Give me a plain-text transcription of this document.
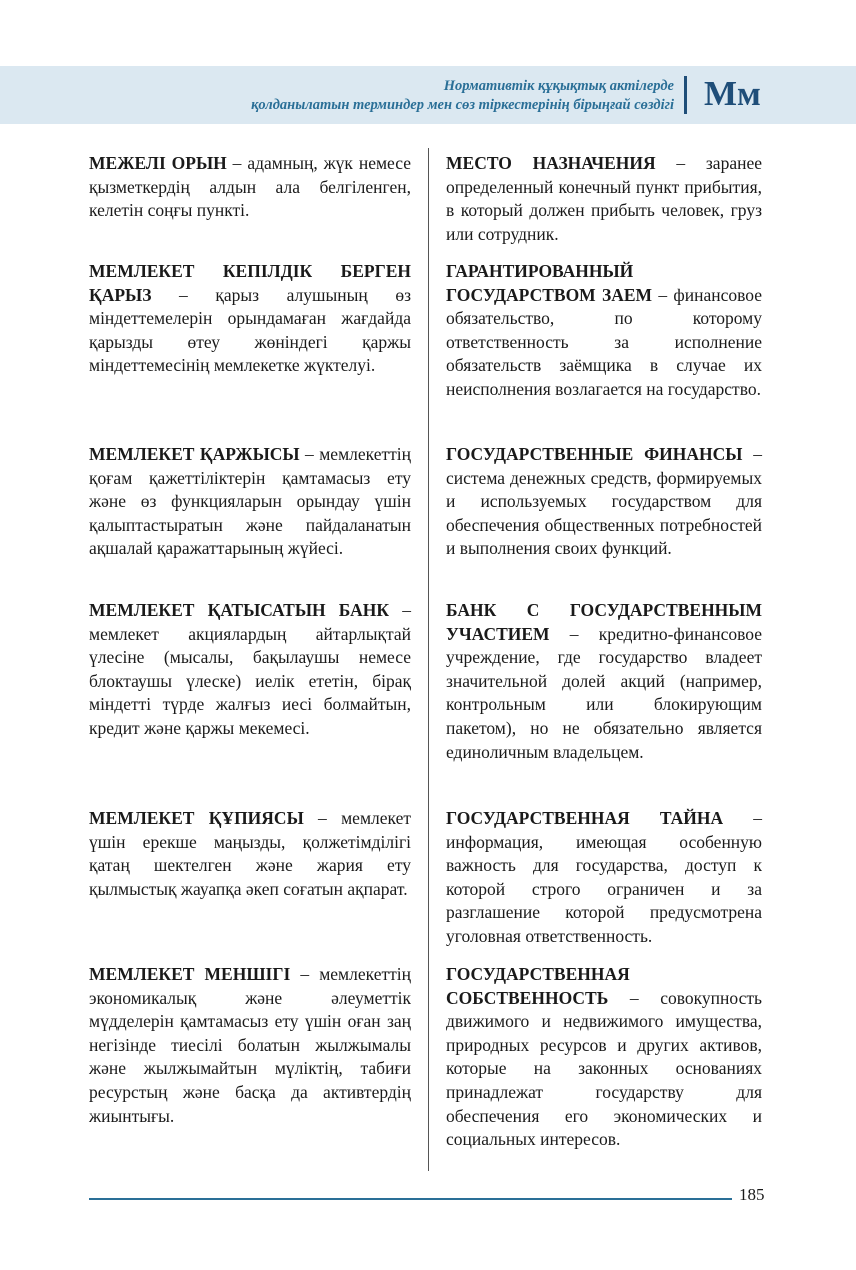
Нормативтік құқықтық актілерде
қолданылатын терминдер мен сөз тіркестерінің бірыңғай сөздігі Мм
МЕЖЕЛІ ОРЫН – адамның, жүк немесе қызметкердің алдын ала белгіленген, келетін соңғы пункті.
МЕСТО НАЗНАЧЕНИЯ – заранее определенный конечный пункт прибытия, в который должен прибыть человек, груз или сотрудник.
МЕМЛЕКЕТ КЕПІЛДІК БЕРГЕН ҚАРЫЗ – қарыз алушының өз міндеттемелерін орындамаған жағдайда қарызды өтеу жөніндегі қаржы міндеттемесінің мемлекетке жүктелуі.
ГАРАНТИРОВАННЫЙ ГОСУДАРСТВОМ ЗАЕМ – финансовое обязательство, по которому ответственность за исполнение обязательств заёмщика в случае их неисполнения возлагается на государство.
МЕМЛЕКЕТ ҚАРЖЫСЫ – мемлекеттің қоғам қажеттіліктерін қамтамасыз ету және өз функцияларын орындау үшін қалыптастыратын және пайдаланатын ақшалай қаражаттарының жүйесі.
ГОСУДАРСТВЕННЫЕ ФИНАНСЫ – система денежных средств, формируемых и используемых государством для обеспечения общественных потребностей и выполнения своих функций.
МЕМЛЕКЕТ ҚАТЫСАТЫН БАНК – мемлекет акциялардың айтарлықтай үлесіне (мысалы, бақылаушы немесе блоктаушы үлеске) иелік ететін, бірақ міндетті түрде жалғыз иесі болмайтын, кредит және қаржы мекемесі.
БАНК С ГОСУДАРСТВЕННЫМ УЧАСТИЕМ – кредитно-финансовое учреждение, где государство владеет значительной долей акций (например, контрольным или блокирующим пакетом), но не обязательно является единоличным владельцем.
МЕМЛЕКЕТ ҚҰПИЯСЫ – мемлекет үшін ерекше маңызды, қолжетімділігі қатаң шектелген және жария ету қылмыстық жауапқа әкеп соғатын ақпарат.
ГОСУДАРСТВЕННАЯ ТАЙНА – информация, имеющая особенную важность для государства, доступ к которой строго ограничен и за разглашение которой предусмотрена уголовная ответственность.
МЕМЛЕКЕТ МЕНШІГІ – мемлекеттің экономикалық және әлеуметтік мүдделерін қамтамасыз ету үшін оған заң негізінде тиесілі болатын жылжымалы және жылжымайтын мүліктің, табиғи ресурстың және басқа да активтердің жиынтығы.
ГОСУДАРСТВЕННАЯ СОБСТВЕННОСТЬ – совокупность движимого и недвижимого имущества, природных ресурсов и других активов, которые на законных основаниях принадлежат государству для обеспечения его экономических и социальных интересов.
185
